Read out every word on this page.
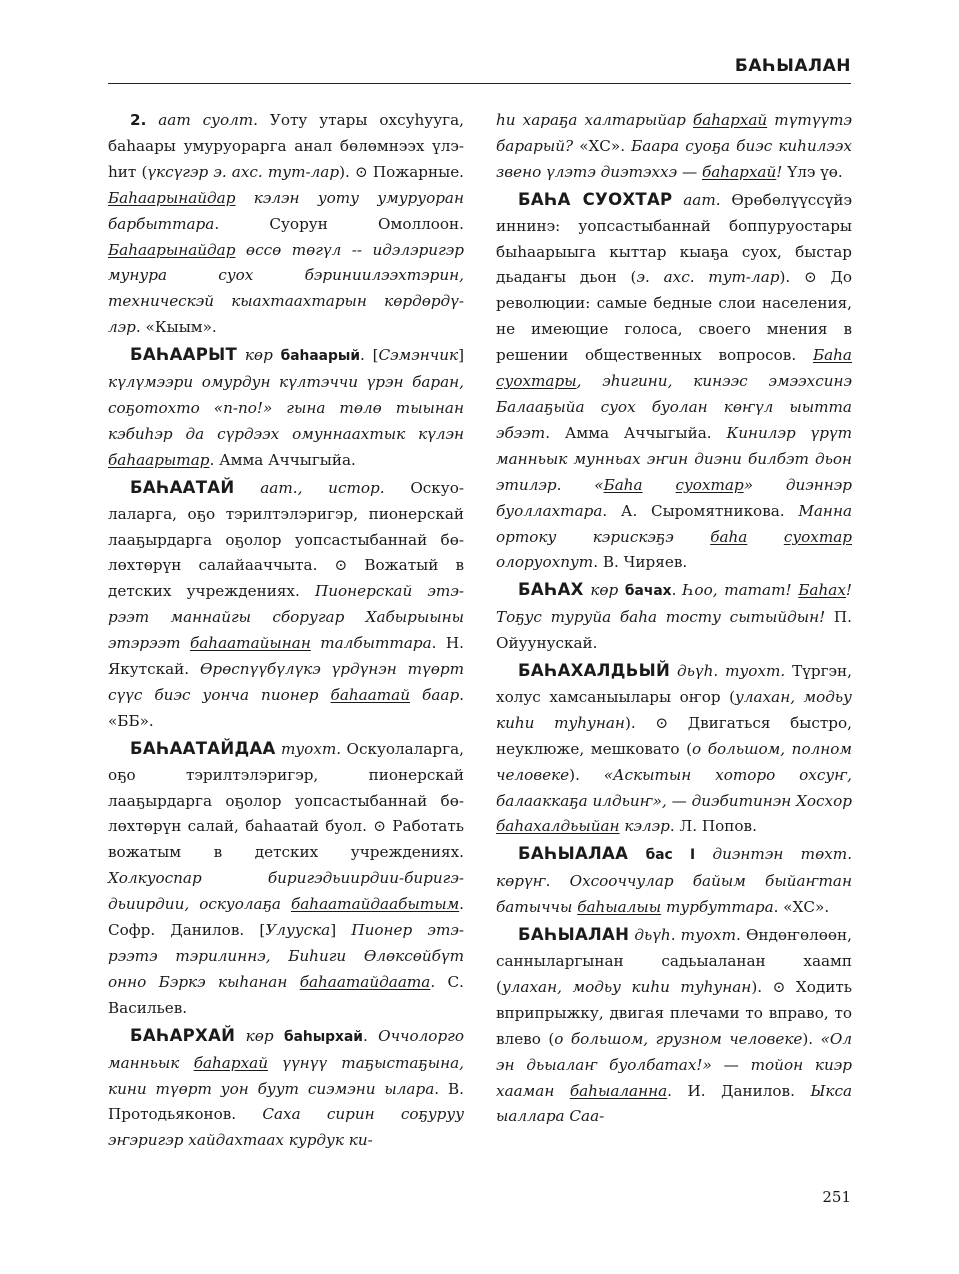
БАҺЫАЛАН

2. аат суолт. Уоту утары охсуһууга, баһаары умуруорарга анал бөлөмнээх үлэһит (үксүгэр э. ахс. тут-лар). ⊙ Пожарные. Баһаарынайдар кэлэн уоту умуруоран барбыттара. Суорун Омоллоон. Баһаарынайдар өссө төгүл -- идэлэригэр мунура суох бэриниилээхтэрин, техническэй кыахтаахтарын көрдөрдүлэр. «Кыым».

БАҺААРЫТ көр баһаарый. [Сэмэнчик] күлүмээри омурдун күлтэччи үрэн баран, соҕотохто «п-по!» гына төлө тыынан кэбиһэр да сүрдээх омуннаахтык күлэн баһаарытар. Амма Аччыгыйа.

БАҺААТАЙ аат., истор. Оскуолаларга, оҕо тэрилтэлэригэр, пионерскай лааҕырдарга оҕолор уопсастыбаннай бөлөхтөрүн салайааччыта. ⊙ Вожатый в детских учреждениях. Пионерскай этэрээт маннайгы сборугар Хабырыыны этэрээт баһаатайынан талбыттара. Н. Якутскай. Өрөспүүбүлүкэ үрдүнэн түөрт сүүс биэс уонча пионер баһаатай баар. «ББ».

БАҺААТАЙДАА туохт. Оскуолаларга, оҕо тэрилтэлэригэр, пионерскай лааҕырдарга оҕолор уопсастыбаннай бөлөхтөрүн салай, баһаатай буол. ⊙ Работать вожатым в детских учреждениях. Холкуоспар биригэдьиирдии-биригэдьиирдии, оскуолаҕа баһаатайдаабытым. Софр. Данилов. [Улууска] Пионер этэрээтэ тэрилиннэ, Биһиги Өлөксөйбүт онно Бэркэ кыһанан баһаатайдаата. С. Васильев.

БАҺАРХАЙ көр баһырхай. Оччолорго манньык баһархай үүнүү таҕыстаҕына, кини түөрт уон буут сиэмэни ылара. В. Протодьяконов. Саха сирин соҕуруу эҥэригэр хайдахтаах курдук ки-

һи хараҕа халтарыйар баһархай түтүүтэ барарый? «ХС». Баара суоҕа биэс киһилээх звено үлэтэ диэтэххэ — баһархай! Үлэ үө.

БАҺА СУОХТАР аат. Өрөбөлүүссүйэ иннинэ: уопсастыбаннай боппуруостары быһаарыыга кыттар кыаҕа суох, быстар дьадаҥы дьон (э. ахс. тут-лар). ⊙ До революции: самые бедные слои населения, не имеющие голоса, своего мнения в решении общественных вопросов. Баһа суохтары, эһигини, кинээс эмээхсинэ Балааҕыйа суох буолан көҥүл ыытта эбээт. Амма Аччыгыйа. Кинилэр үрүт манньык мунньах эҥин диэни билбэт дьон этилэр. «Баһа суохтар» диэннэр буоллахтара. А. Сыромятникова. Манна ортоку кэрискэҕэ баһа суохтар олоруохпут. В. Чиряев.

БАҺАХ көр бачах. Һоо, тaтат! Баһах! Тоҕус туруйа баһа тосту сытыйдын! П. Ойуунускай.

БАҺАХАЛДЬЫЙ дьүһ. туохт. Түргэн, холус хамсаныылары оҥор (улахан, модьу киһи туһунан). ⊙ Двигаться быстро, неуклюже, мешковато (о большом, полном человеке). «Аскытын хоторо охсуҥ, балааккаҕа илдьиҥ», — диэбитинэн Хосхор баһахалдьыйан кэлэр. Л. Попов.

БАҺЫАЛАА бас I диэнтэн төхт. көрүҥ. Охсооччулар байым быйаҥтан батыччы баһыалыы турбуттара. «ХС».

БАҺЫАЛАН дьүһ. туохт. Өндөҥөлөөн, санныларгынан садьыаланан хаамп (улахан, модьу киһи туһунан). ⊙ Ходить вприпрыжку, двигая плечами то вправо, то влево (о большом, грузном человеке). «Ол эн дьыалаҥ буолбатах!» — тойон киэр хааман баһыаланна. И. Данилов. Ыкса ыаллара Саа-

251
